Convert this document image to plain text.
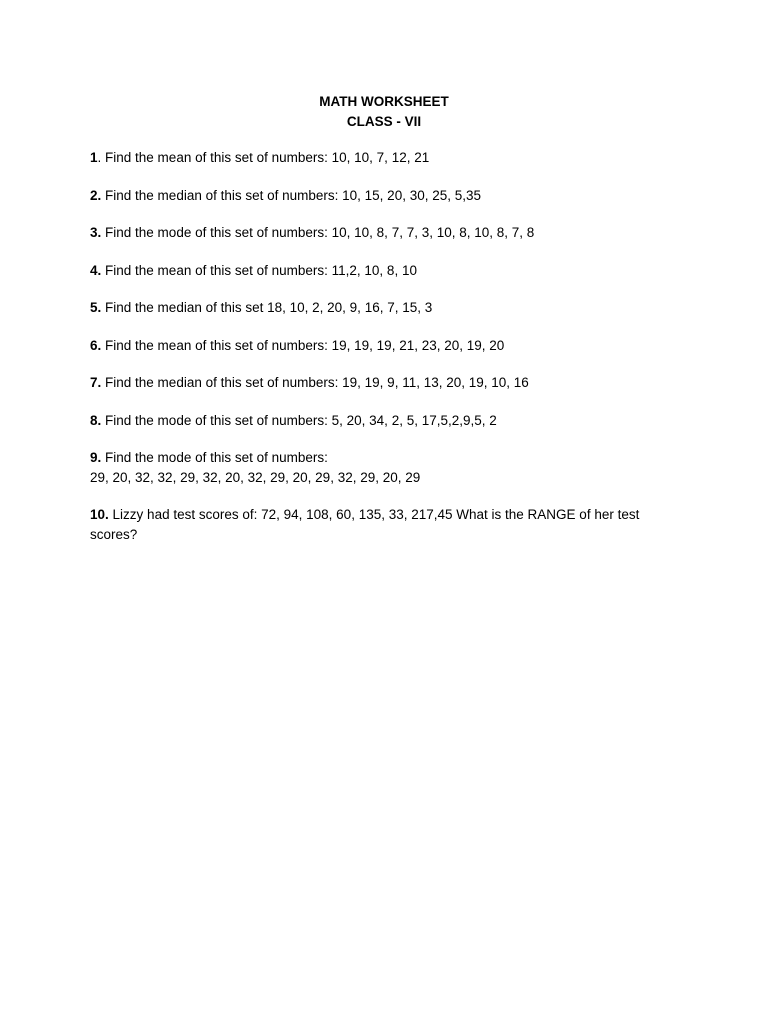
MATH WORKSHEET
CLASS - VII
1. Find the mean of this set of numbers: 10, 10, 7, 12, 21
2. Find the median of this set of numbers: 10, 15, 20, 30, 25, 5,35
3. Find the mode of this set of numbers: 10, 10, 8, 7, 7, 3, 10, 8, 10, 8, 7, 8
4. Find the mean of this set of numbers: 11,2, 10, 8, 10
5. Find the median of this set 18, 10, 2, 20, 9, 16, 7, 15, 3
6. Find the mean of this set of numbers: 19, 19, 19, 21, 23, 20, 19, 20
7. Find the median of this set of numbers: 19, 19, 9, 11, 13, 20, 19, 10, 16
8. Find the mode of this set of numbers: 5, 20, 34, 2, 5, 17,5,2,9,5, 2
9. Find the mode of this set of numbers:
29, 20, 32, 32, 29, 32, 20, 32, 29, 20, 29, 32, 29, 20, 29
10. Lizzy had test scores of: 72, 94, 108, 60, 135, 33, 217,45 What is the RANGE of her test scores?
